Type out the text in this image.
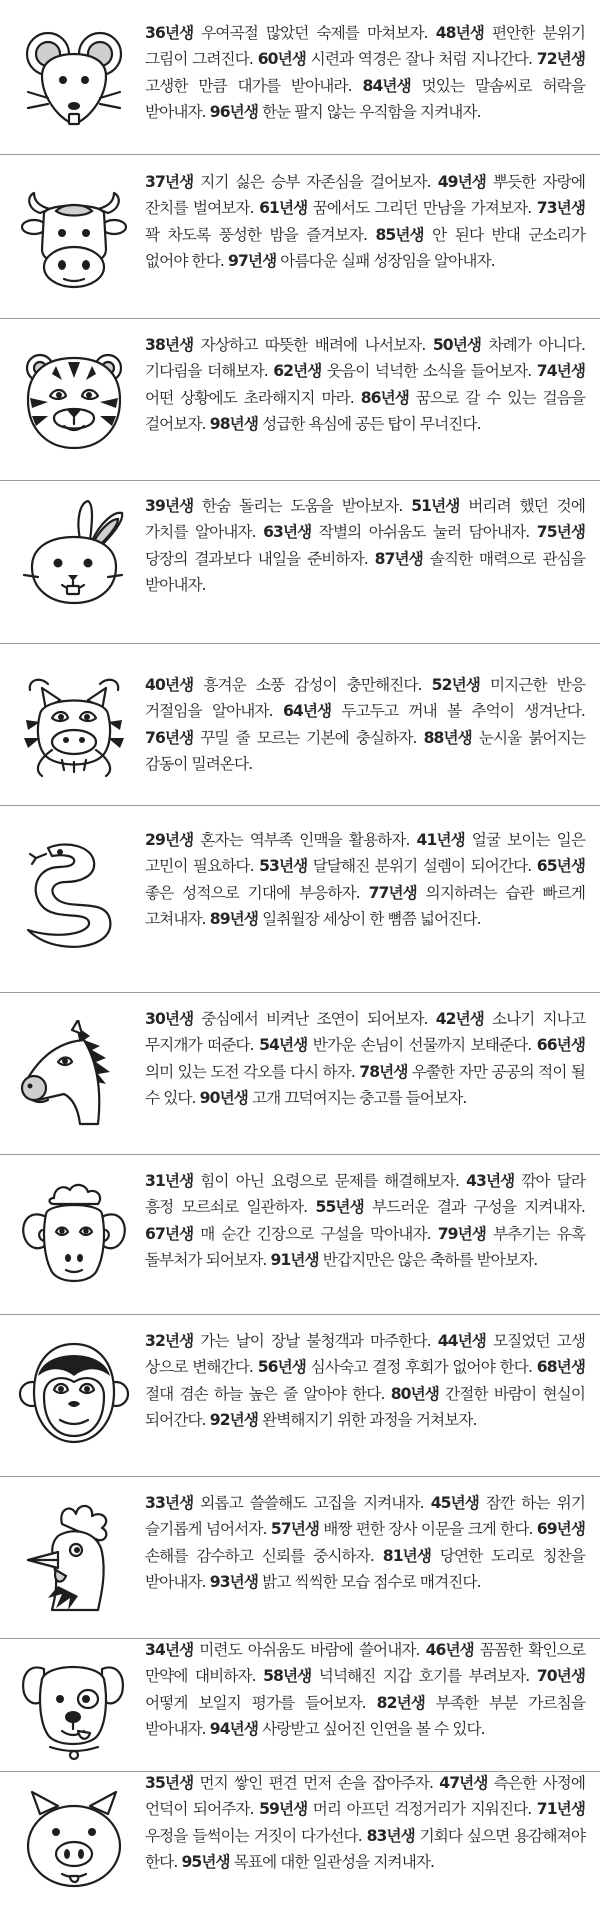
36년생 우여곡절 많았던 숙제를 마쳐보자. 48년생 편안한 분위기 그림이 그려진다. 60년생 시련과 역경은 잘나 처럼 지나간다. 72년생 고생한 만큼 대가를 받아내라. 84년생 멋있는 말솜씨로 허락을 받아내자. 96년생 한눈 팔지 않는 우직함을 지켜내자.

37년생 지기 싫은 승부 자존심을 걸어보자. 49년생 뿌듯한 자랑에 잔치를 벌여보자. 61년생 꿈에서도 그리던 만남을 가져보자. 73년생 꽉 차도록 풍성한 밤을 즐겨보자. 85년생 안 된다 반대 군소리가 없어야 한다. 97년생 아름다운 실패 성장임을 알아내자.

38년생 자상하고 따뜻한 배려에 나서보자. 50년생 차례가 아니다. 기다림을 더해보자. 62년생 웃음이 넉넉한 소식을 들어보자. 74년생 어떤 상황에도 초라해지지 마라. 86년생 꿈으로 갈 수 있는 걸음을 걸어보자. 98년생 성급한 욕심에 공든 탑이 무너진다.

39년생 한숨 돌리는 도움을 받아보자. 51년생 버리려 했던 것에 가치를 알아내자. 63년생 작별의 아쉬움도 눌러 담아내자. 75년생 당장의 결과보다 내일을 준비하자. 87년생 솔직한 매력으로 관심을 받아내자.

40년생 흥겨운 소풍 감성이 충만해진다. 52년생 미지근한 반응 거절임을 알아내자. 64년생 두고두고 꺼내 볼 추억이 생겨난다. 76년생 꾸밀 줄 모르는 기본에 충실하자. 88년생 눈시울 붉어지는 감동이 밀려온다.

29년생 혼자는 역부족 인맥을 활용하자. 41년생 얼굴 보이는 일은 고민이 필요하다. 53년생 달달해진 분위기 설렘이 되어간다. 65년생 좋은 성적으로 기대에 부응하자. 77년생 의지하려는 습관 빠르게 고쳐내자. 89년생 일취월장 세상이 한 뼘쯤 넓어진다.

30년생 중심에서 비켜난 조연이 되어보자. 42년생 소나기 지나고 무지개가 떠준다. 54년생 반가운 손님이 선물까지 보태준다. 66년생 의미 있는 도전 각오를 다시 하자. 78년생 우쭐한 자만 공공의 적이 될 수 있다. 90년생 고개 끄덕여지는 충고를 들어보자.

31년생 힘이 아닌 요령으로 문제를 해결해보자. 43년생 깎아 달라 흥정 모르쇠로 일관하자. 55년생 부드러운 결과 구성을 지켜내자. 67년생 매 순간 긴장으로 구설을 막아내자. 79년생 부추기는 유혹 돌부처가 되어보자. 91년생 반갑지만은 않은 축하를 받아보자.

32년생 가는 날이 장날 불청객과 마주한다. 44년생 모질었던 고생 상으로 변해간다. 56년생 심사숙고 결정 후회가 없어야 한다. 68년생 절대 겸손 하늘 높은 줄 알아야 한다. 80년생 간절한 바람이 현실이 되어간다. 92년생 완벽해지기 위한 과정을 거쳐보자.

33년생 외롭고 쓸쓸해도 고집을 지켜내자. 45년생 잠깐 하는 위기 슬기롭게 넘어서자. 57년생 배짱 편한 장사 이문을 크게 한다. 69년생 손해를 감수하고 신뢰를 중시하자. 81년생 당연한 도리로 칭찬을 받아내자. 93년생 밝고 씩씩한 모습 점수로 매겨진다.

34년생 미련도 아쉬움도 바람에 쓸어내자. 46년생 꼼꼼한 확인으로 만약에 대비하자. 58년생 넉넉해진 지갑 호기를 부려보자. 70년생 어떻게 보일지 평가를 들어보자. 82년생 부족한 부분 가르침을 받아내자. 94년생 사랑받고 싶어진 인연을 볼 수 있다.

35년생 먼지 쌓인 편견 먼저 손을 잡아주자. 47년생 측은한 사정에 언덕이 되어주자. 59년생 머리 아프던 걱정거리가 지워진다. 71년생 우정을 들썩이는 거짓이 다가선다. 83년생 기회다 싶으면 용감해져야 한다. 95년생 목표에 대한 일관성을 지켜내자.
